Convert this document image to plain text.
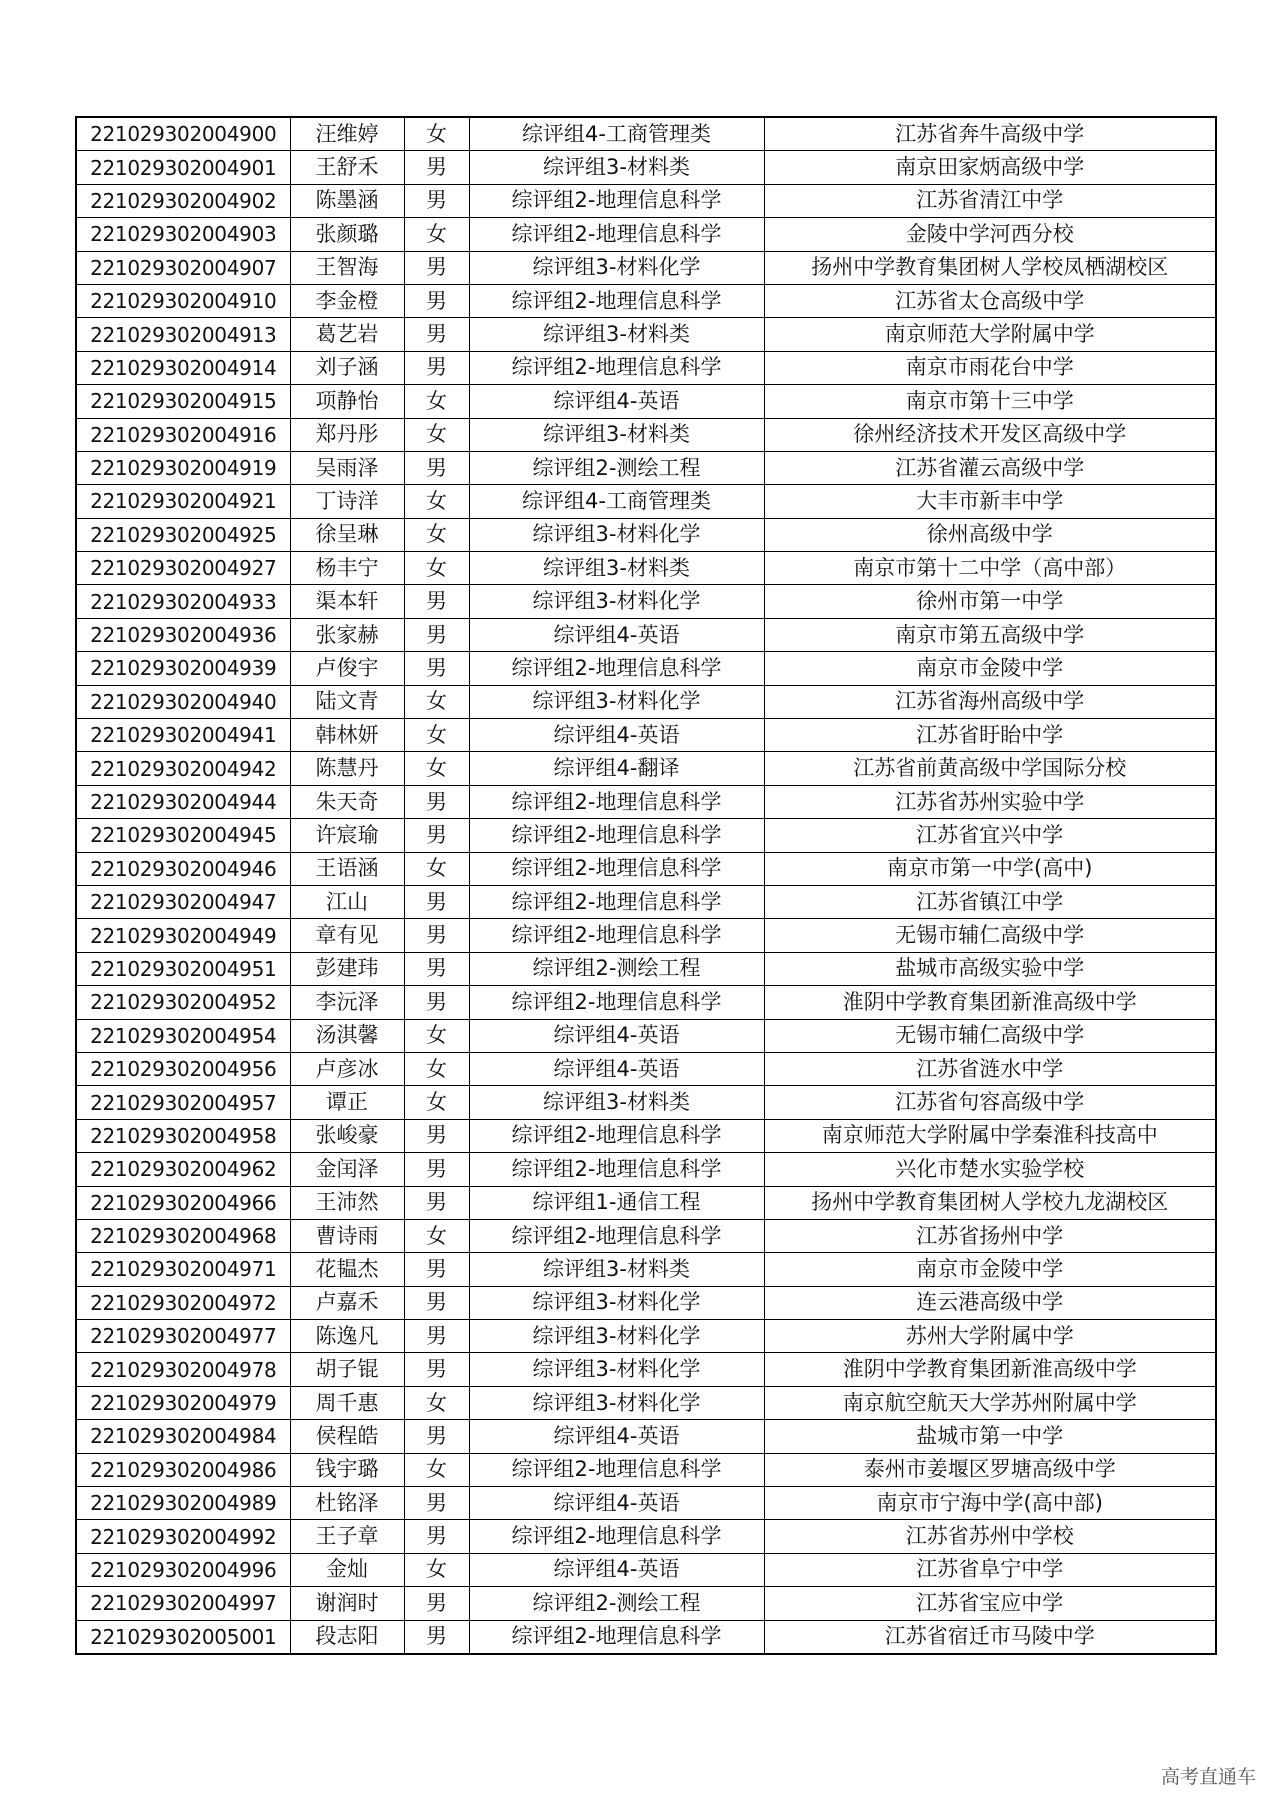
221029302004900	汪维婷	女	综评组4-工商管理类	江苏省奔牛高级中学
221029302004901	王舒禾	男	综评组3-材料类	南京田家炳高级中学
221029302004902	陈墨涵	男	综评组2-地理信息科学	江苏省清江中学
221029302004903	张颜璐	女	综评组2-地理信息科学	金陵中学河西分校
221029302004907	王智海	男	综评组3-材料化学	扬州中学教育集团树人学校凤栖湖校区
221029302004910	李金橙	男	综评组2-地理信息科学	江苏省太仓高级中学
221029302004913	葛艺岩	男	综评组3-材料类	南京师范大学附属中学
221029302004914	刘子涵	男	综评组2-地理信息科学	南京市雨花台中学
221029302004915	项静怡	女	综评组4-英语	南京市第十三中学
221029302004916	郑丹彤	女	综评组3-材料类	徐州经济技术开发区高级中学
221029302004919	吴雨泽	男	综评组2-测绘工程	江苏省灌云高级中学
221029302004921	丁诗洋	女	综评组4-工商管理类	大丰市新丰中学
221029302004925	徐呈琳	女	综评组3-材料化学	徐州高级中学
221029302004927	杨丰宁	女	综评组3-材料类	南京市第十二中学（高中部）
221029302004933	渠本轩	男	综评组3-材料化学	徐州市第一中学
221029302004936	张家赫	男	综评组4-英语	南京市第五高级中学
221029302004939	卢俊宇	男	综评组2-地理信息科学	南京市金陵中学
221029302004940	陆文青	女	综评组3-材料化学	江苏省海州高级中学
221029302004941	韩林妍	女	综评组4-英语	江苏省盱眙中学
221029302004942	陈慧丹	女	综评组4-翻译	江苏省前黄高级中学国际分校
221029302004944	朱天奇	男	综评组2-地理信息科学	江苏省苏州实验中学
221029302004945	许宸瑜	男	综评组2-地理信息科学	江苏省宜兴中学
221029302004946	王语涵	女	综评组2-地理信息科学	南京市第一中学(高中)
221029302004947	江山	男	综评组2-地理信息科学	江苏省镇江中学
221029302004949	章有见	男	综评组2-地理信息科学	无锡市辅仁高级中学
221029302004951	彭建玮	男	综评组2-测绘工程	盐城市高级实验中学
221029302004952	李沅泽	男	综评组2-地理信息科学	淮阴中学教育集团新淮高级中学
221029302004954	汤淇馨	女	综评组4-英语	无锡市辅仁高级中学
221029302004956	卢彦冰	女	综评组4-英语	江苏省涟水中学
221029302004957	谭正	女	综评组3-材料类	江苏省句容高级中学
221029302004958	张峻豪	男	综评组2-地理信息科学	南京师范大学附属中学秦淮科技高中
221029302004962	金闰泽	男	综评组2-地理信息科学	兴化市楚水实验学校
221029302004966	王沛然	男	综评组1-通信工程	扬州中学教育集团树人学校九龙湖校区
221029302004968	曹诗雨	女	综评组2-地理信息科学	江苏省扬州中学
221029302004971	花韫杰	男	综评组3-材料类	南京市金陵中学
221029302004972	卢嘉禾	男	综评组3-材料化学	连云港高级中学
221029302004977	陈逸凡	男	综评组3-材料化学	苏州大学附属中学
221029302004978	胡子锟	男	综评组3-材料化学	淮阴中学教育集团新淮高级中学
221029302004979	周千惠	女	综评组3-材料化学	南京航空航天大学苏州附属中学
221029302004984	侯程皓	男	综评组4-英语	盐城市第一中学
221029302004986	钱宇璐	女	综评组2-地理信息科学	泰州市姜堰区罗塘高级中学
221029302004989	杜铭泽	男	综评组4-英语	南京市宁海中学(高中部)
221029302004992	王子章	男	综评组2-地理信息科学	江苏省苏州中学校
221029302004996	金灿	女	综评组4-英语	江苏省阜宁中学
221029302004997	谢润时	男	综评组2-测绘工程	江苏省宝应中学
221029302005001	段志阳	男	综评组2-地理信息科学	江苏省宿迁市马陵中学
高考直通车
